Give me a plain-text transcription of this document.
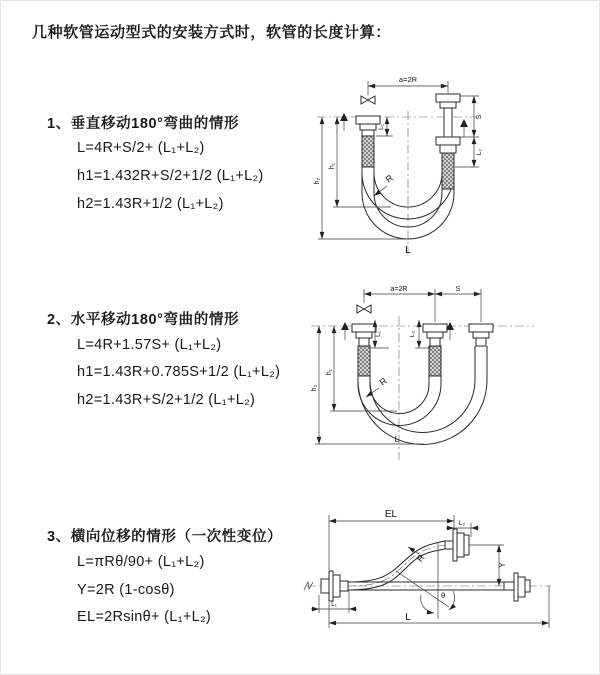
几种软管运动型式的安装方式时，软管的长度计算：
1、垂直移动180°弯曲的情形
L=4R+S/2+ (L₁+L₂)
h1=1.432R+S/2+1/2 (L₁+L₂)
h2=1.43R+1/2 (L₁+L₂)
2、水平移动180°弯曲的情形
L=4R+1.57S+ (L₁+L₂)
h1=1.43R+0.785S+1/2 (L₁+L₂)
h2=1.43R+S/2+1/2 (L₁+L₂)
3、横向位移的情形（一次性变位）
L=πRθ/90+ (L₁+L₂)
Y=2R (1-cosθ)
EL=2Rsinθ+ (L₁+L₂)
a=2R
h₁
h₂
L₁
S
L₂
R
L
a=2R	S
h₁
h₂
L₁	L₂
R
L
EL
L₂
Y
R
θ
L₁
L
